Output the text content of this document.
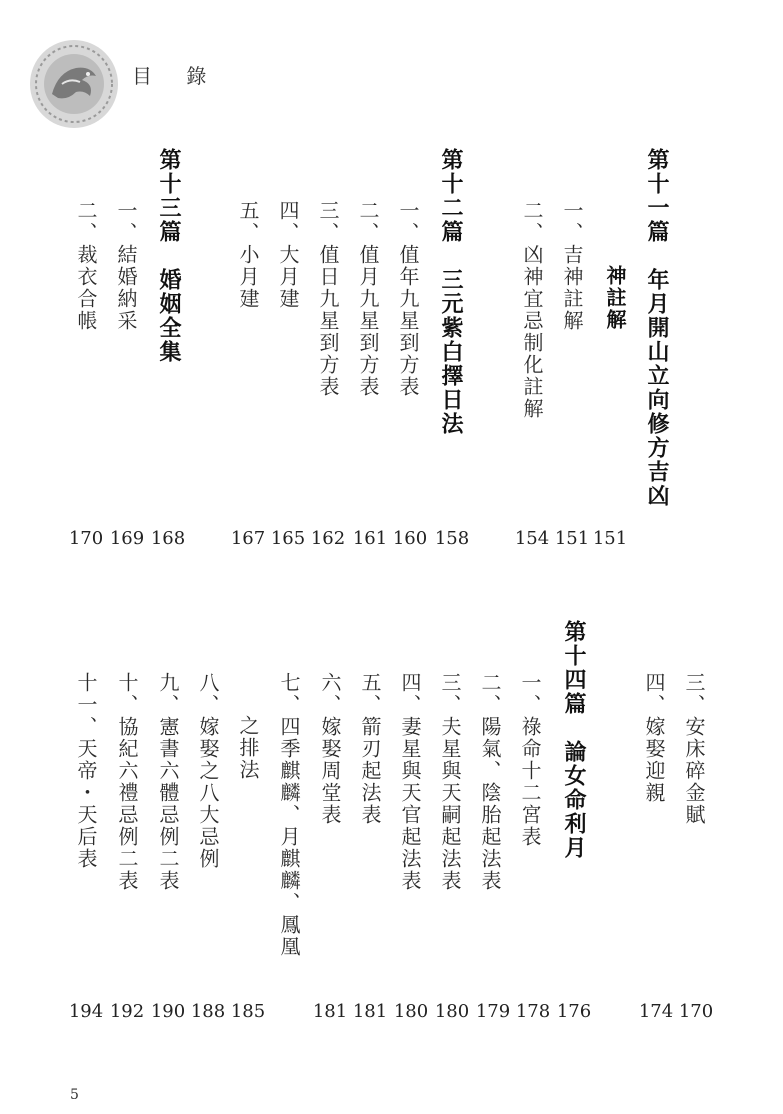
目 錄
第十一篇　年月開山立向修方吉凶
神註解
151
一、吉神註解
151
二、凶神宜忌制化註解
154
第十二篇　三元紫白擇日法
158
一、值年九星到方表
160
二、值月九星到方表
161
三、值日九星到方表
162
四、大月建
165
五、小月建
167
第十三篇　婚姻全集
168
一、結婚納采
169
二、裁衣合帳
170
三、安床碎金賦
170
四、嫁娶迎親
174
第十四篇　論女命利月
176
一、祿命十二宮表
178
二、陽氣、陰胎起法表
179
三、夫星與天嗣起法表
180
四、妻星與天官起法表
180
五、箭刃起法表
181
六、嫁娶周堂表
181
七、四季麒麟、月麒麟、鳳凰
之排法
185
八、嫁娶之八大忌例
188
九、憲書六體忌例二表
190
十、協紀六禮忌例二表
192
十一、天帝・天后表
194
5
